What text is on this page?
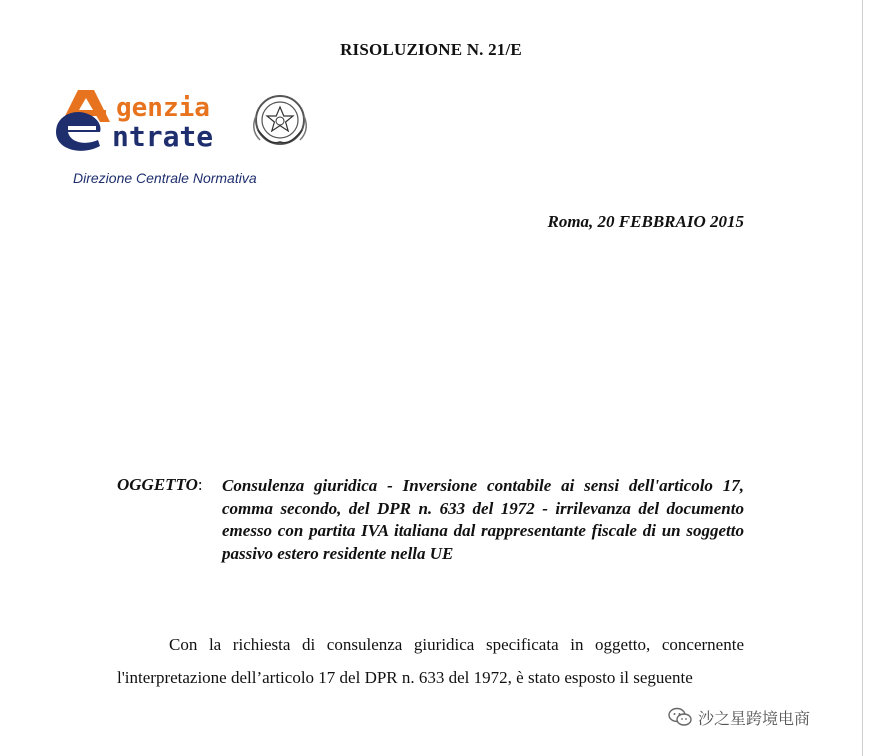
RISOLUZIONE N. 21/E
genzia
ntrate
Direzione Centrale Normativa
Roma, 20 FEBBRAIO 2015
OGGETTO: Consulenza giuridica - Inversione contabile ai sensi dell'articolo 17, comma secondo, del DPR n. 633 del 1972 - irrilevanza del documento emesso con partita IVA italiana dal rappresentante fiscale di un soggetto passivo estero residente nella UE
Con la richiesta di consulenza giuridica specificata in oggetto, concernente l'interpretazione dell’articolo 17 del DPR n. 633 del 1972, è stato esposto il seguente
沙之星跨境电商
